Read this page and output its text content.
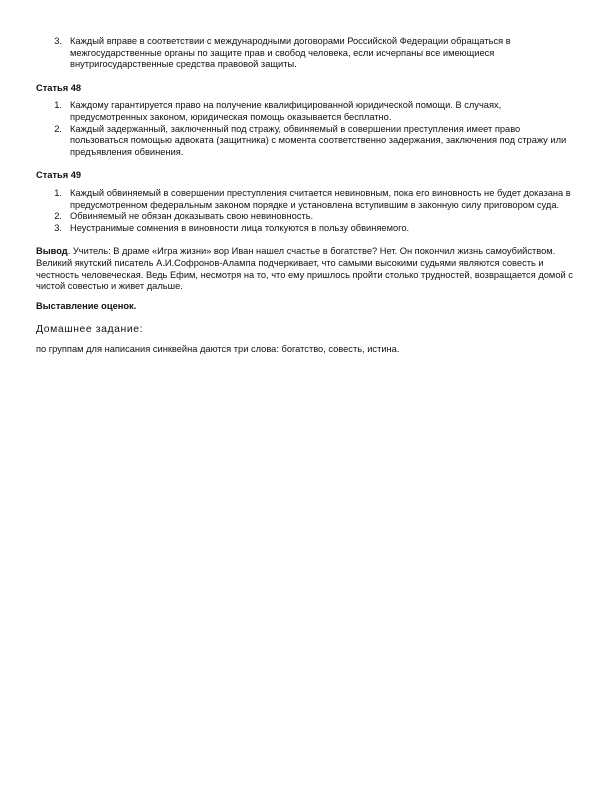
3. Каждый вправе в соответствии с международными договорами Российской Федерации обращаться в межгосударственные органы по защите прав и свобод человека, если исчерпаны все имеющиеся внутригосударственные средства правовой защиты.

Статья 48

1. Каждому гарантируется право на получение квалифицированной юридической помощи. В случаях, предусмотренных законом, юридическая помощь оказывается бесплатно.
2. Каждый задержанный, заключенный под стражу, обвиняемый в совершении преступления имеет право пользоваться помощью адвоката (защитника) с момента соответственно задержания, заключения под стражу или предъявления обвинения.

Статья 49

1. Каждый обвиняемый в совершении преступления считается невиновным, пока его виновность не будет доказана в предусмотренном федеральным законом порядке и установлена вступившим в законную силу приговором суда.
2. Обвиняемый не обязан доказывать свою невиновность.
3. Неустранимые сомнения в виновности лица толкуются в пользу обвиняемого.

Вывод. Учитель: В драме «Игра жизни» вор Иван нашел счастье в богатстве? Нет. Он покончил жизнь самоубийством. Великий якутский писатель А.И.Софронов-Алампа подчеркивает, что самыми высокими судьями являются совесть и честность человеческая. Ведь Ефим, несмотря на то, что ему пришлось пройти столько трудностей, возвращается домой с чистой совестью и живет дальше.

Выставление оценок.

Домашнее задание:

по группам для написания синквейна даются три слова: богатство, совесть, истина.
